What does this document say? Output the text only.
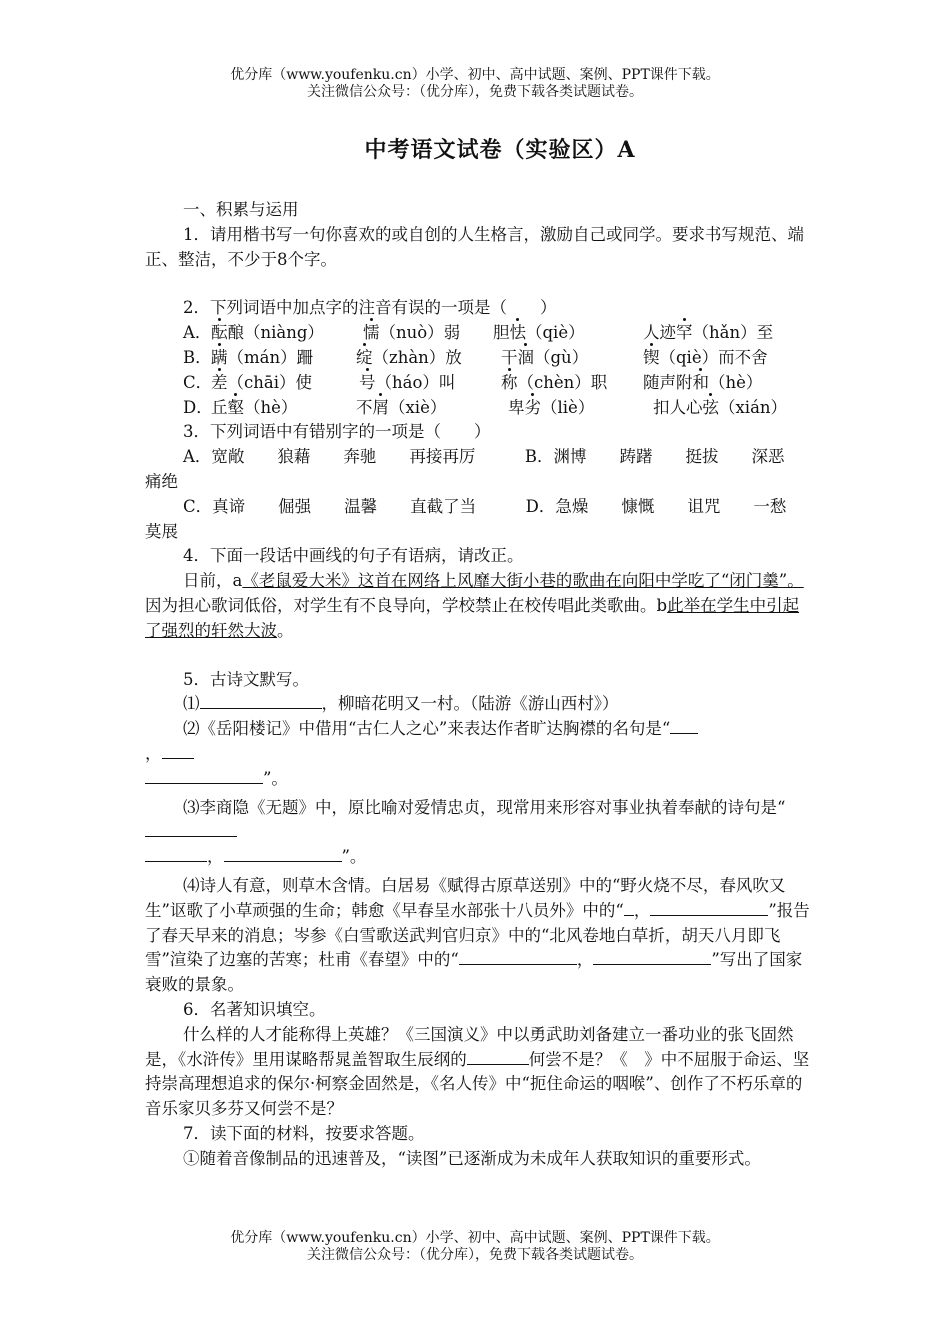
优分库（www.youfenku.cn）小学、初中、高中试题、案例、PPT课件下载。
关注微信公众号：（优分库），免费下载各类试题试卷。
中考语文试卷（实验区）A

一、积累与运用

1．请用楷书写一句你喜欢的或自创的人生格言，激励自己或同学。要求书写规范、端正、整洁，不少于8个字。

2．下列词语中加点字的注音有误的一项是（　　）

A． 酝酿（niàng）	懦（nuò）弱	胆怯（qiè）	人迹罕（hǎn）至
B． 蹒（mán）跚	绽（zhàn）放	干涸（gù）	锲（qiè）而不舍
C．
差（chāi）使	号（háo）叫	称（chèn）职	随声附和（hè）
D．
丘壑（hè）	不屑（xiè）	卑劣（liè）	扣人心弦（xián）

3．下列词语中有错别字的一项是（　　）

A．宽敞　　狼藉　　奔驰　　再接再厉　　　B．渊博　　踌躇　　挺拔　　深恶

痛绝

C．真谛　　倔强　　温馨　　直截了当　　　D．急燥　　慷慨　　诅咒　　一愁

莫展

4．下面一段话中画线的句子有语病，请改正。

日前，a《老鼠爱大米》这首在网络上风靡大街小巷的歌曲在向阳中学吃了“闭门羹”。因为担心歌词低俗，对学生有不良导向，学校禁止在校传唱此类歌曲。b此举在学生中引起了强烈的轩然大波。

5．古诗文默写。

⑴	，柳暗花明又一村。（陆游《游山西村》）

⑵《岳阳楼记》中借用“古仁人之心”来表达作者旷达胸襟的名句是“
，
”。

⑶李商隐《无题》中，原比喻对爱情忠贞，现常用来形容对事业执着奉献的诗句是“
，	”。

⑷诗人有意，则草木含情。白居易《赋得古原草送别》中的“野火烧不尽，春风吹又生”讴歌了小草顽强的生命；韩愈《早春呈水部张十八员外》中的“ ，	”报告了春天早来的消息；岑参《白雪歌送武判官归京》中的“北风卷地白草折，胡天八月即飞雪”渲染了边塞的苦寒；杜甫《春望》中的“	，	”写出了国家衰败的景象。

6．名著知识填空。

什么样的人才能称得上英雄？《三国演义》中以勇武助刘备建立一番功业的张飞固然是，《水浒传》里用谋略帮晁盖智取生辰纲的	何尝不是？《　》中不屈服于命运、坚持崇高理想追求的保尔·柯察金固然是，《名人传》中“扼住命运的咽喉”、创作了不朽乐章的音乐家贝多芬又何尝不是？

7．读下面的材料，按要求答题。

①随着音像制品的迅速普及，“读图”已逐渐成为未成年人获取知识的重要形式。

优分库（www.youfenku.cn）小学、初中、高中试题、案例、PPT课件下载。
关注微信公众号：（优分库），免费下载各类试题试卷。
